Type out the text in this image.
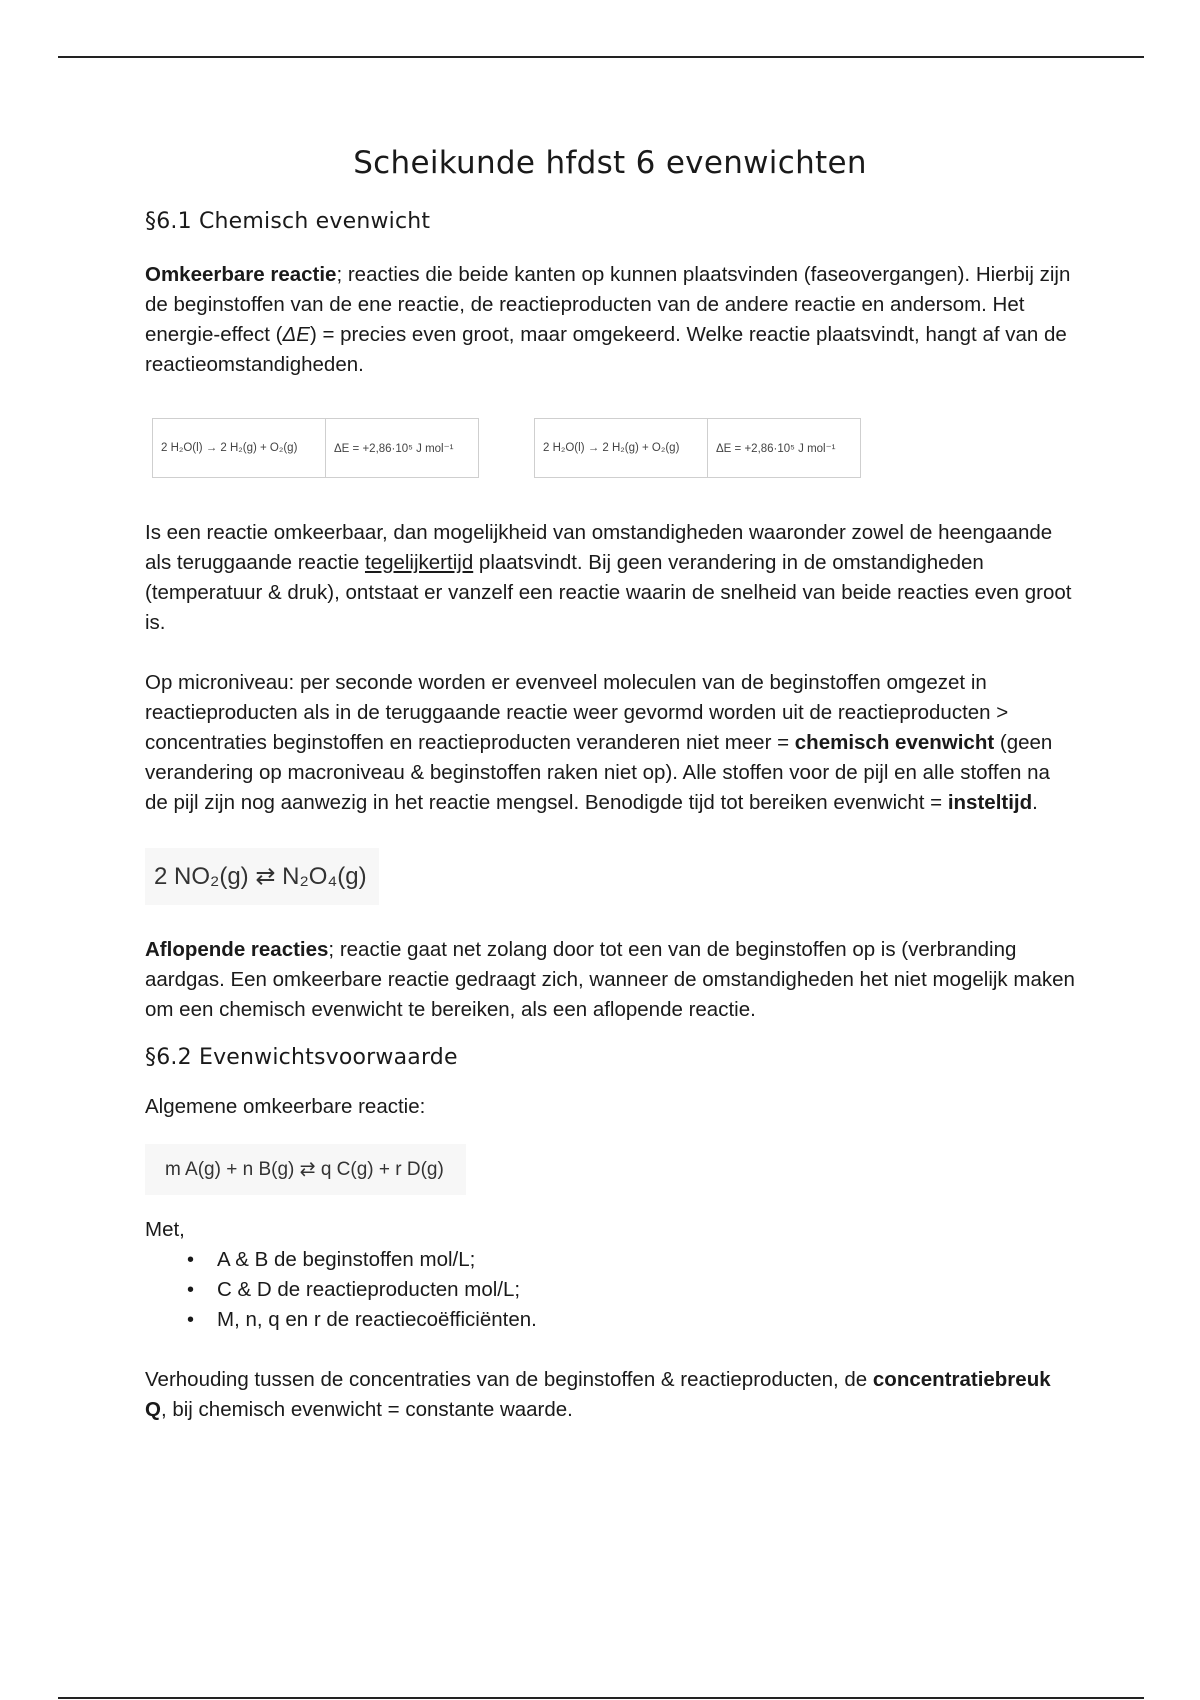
Scheikunde hfdst 6 evenwichten
§6.1 Chemisch evenwicht

Omkeerbare reactie; reacties die beide kanten op kunnen plaatsvinden (faseovergangen). Hierbij zijn de beginstoffen van de ene reactie, de reactieproducten van de andere reactie en andersom. Het energie-effect (ΔE) = precies even groot, maar omgekeerd. Welke reactie plaatsvindt, hangt af van de reactieomstandigheden.

2 H₂O(l) → 2 H₂(g) + O₂(g)	ΔE = +2,86·10⁵ J mol⁻¹	2 H₂O(l) → 2 H₂(g) + O₂(g)	ΔE = +2,86·10⁵ J mol⁻¹

Is een reactie omkeerbaar, dan mogelijkheid van omstandigheden waaronder zowel de heengaande als teruggaande reactie tegelijkertijd plaatsvindt. Bij geen verandering in de omstandigheden (temperatuur & druk), ontstaat er vanzelf een reactie waarin de snelheid van beide reacties even groot is.

Op microniveau: per seconde worden er evenveel moleculen van de beginstoffen omgezet in reactieproducten als in de teruggaande reactie weer gevormd worden uit de reactieproducten > concentraties beginstoffen en reactieproducten veranderen niet meer = chemisch evenwicht (geen verandering op macroniveau & beginstoffen raken niet op). Alle stoffen voor de pijl en alle stoffen na de pijl zijn nog aanwezig in het reactie mengsel. Benodigde tijd tot bereiken evenwicht = insteltijd.

2 NO₂(g) ⇄ N₂O₄(g)

Aflopende reacties; reactie gaat net zolang door tot een van de beginstoffen op is (verbranding aardgas. Een omkeerbare reactie gedraagt zich, wanneer de omstandigheden het niet mogelijk maken om een chemisch evenwicht te bereiken, als een aflopende reactie.

§6.2 Evenwichtsvoorwaarde

Algemene omkeerbare reactie:

m A(g) + n B(g) ⇄ q C(g) + r D(g)

Met,

• A & B de beginstoffen mol/L;
• C & D de reactieproducten mol/L;
• M, n, q en r de reactiecoëfficiënten.

Verhouding tussen de concentraties van de beginstoffen & reactieproducten, de concentratiebreuk Q, bij chemisch evenwicht = constante waarde.
